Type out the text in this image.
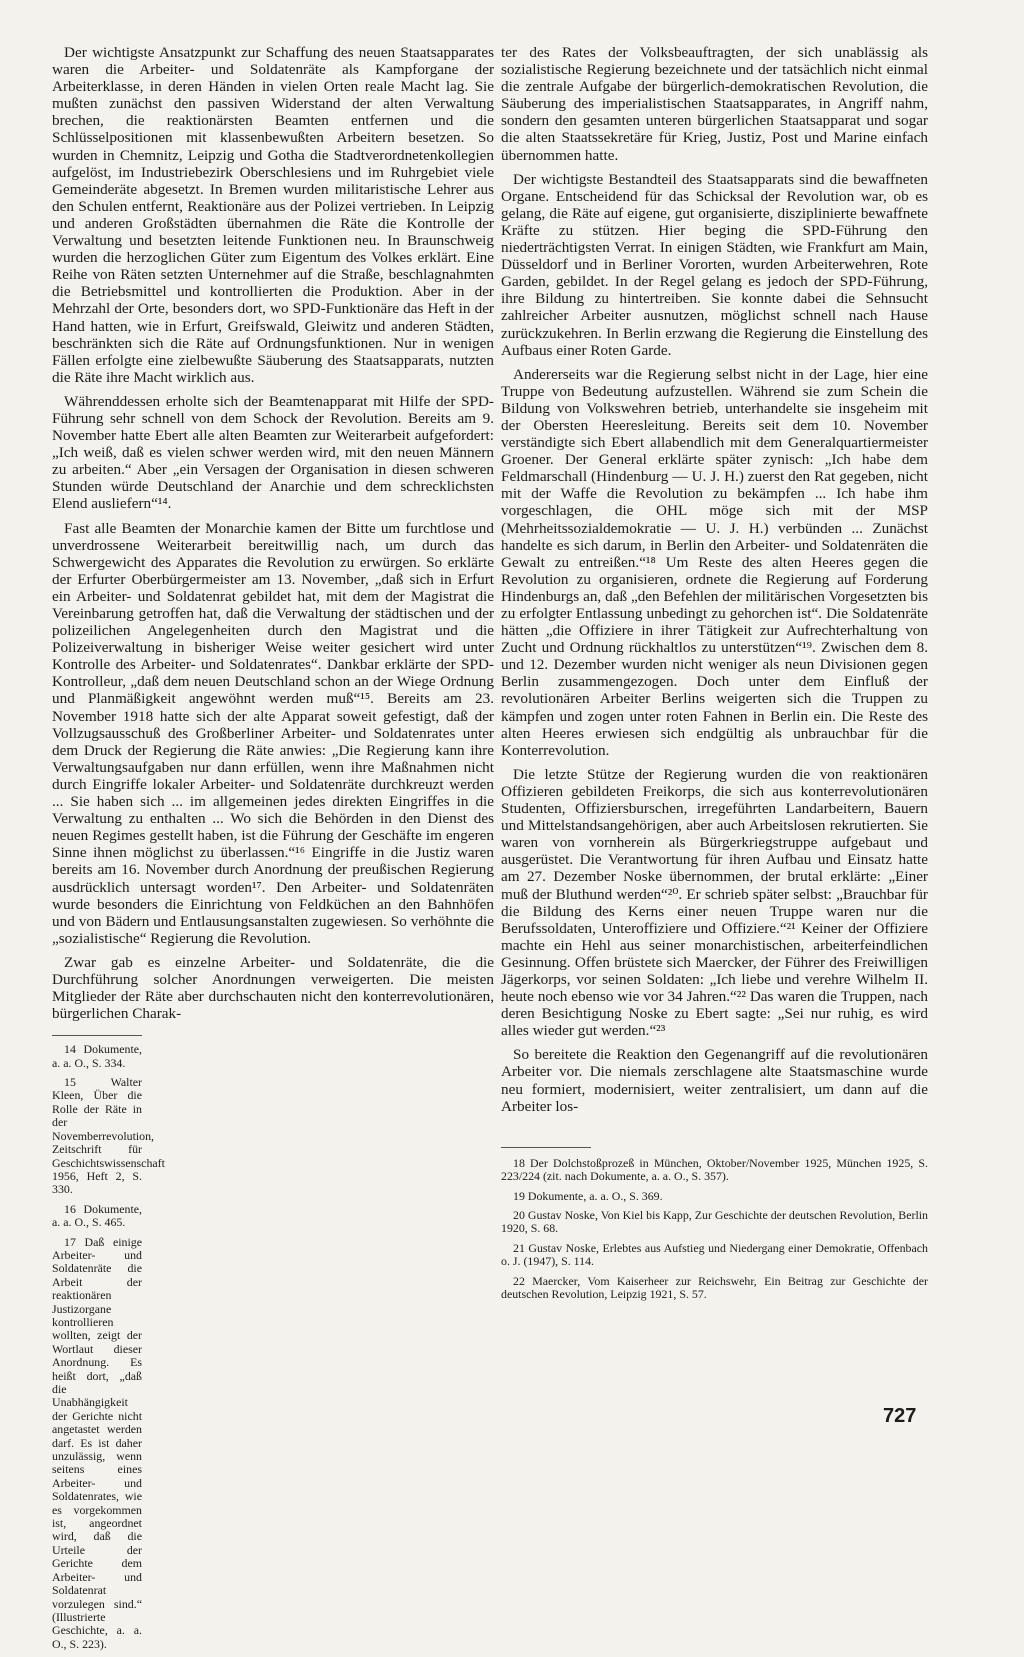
Der wichtigste Ansatzpunkt zur Schaffung des neuen Staatsapparates waren die Arbeiter- und Soldatenräte als Kampforgane der Arbeiterklasse, in deren Händen in vielen Orten reale Macht lag. Sie mußten zunächst den passiven Widerstand der alten Verwaltung brechen, die reaktionärsten Beamten entfernen und die Schlüsselpositionen mit klassenbewußten Arbeitern besetzen. So wurden in Chemnitz, Leipzig und Gotha die Stadtverordnetenkollegien aufgelöst, im Industriebezirk Oberschlesiens und im Ruhrgebiet viele Gemeinderäte abgesetzt. In Bremen wurden militaristische Lehrer aus den Schulen entfernt, Reaktionäre aus der Polizei vertrieben. In Leipzig und anderen Großstädten übernahmen die Räte die Kontrolle der Verwaltung und besetzten leitende Funktionen neu. In Braunschweig wurden die herzoglichen Güter zum Eigentum des Volkes erklärt. Eine Reihe von Räten setzten Unternehmer auf die Straße, beschlagnahmten die Betriebsmittel und kontrollierten die Produktion. Aber in der Mehrzahl der Orte, besonders dort, wo SPD-Funktionäre das Heft in der Hand hatten, wie in Erfurt, Greifswald, Gleiwitz und anderen Städten, beschränkten sich die Räte auf Ordnungsfunktionen. Nur in wenigen Fällen erfolgte eine zielbewußte Säuberung des Staatsapparats, nutzten die Räte ihre Macht wirklich aus.

Währenddessen erholte sich der Beamtenapparat mit Hilfe der SPD-Führung sehr schnell von dem Schock der Revolution. Bereits am 9. November hatte Ebert alle alten Beamten zur Weiterarbeit aufgefordert: „Ich weiß, daß es vielen schwer werden wird, mit den neuen Männern zu arbeiten.“ Aber „ein Versagen der Organisation in diesen schweren Stunden würde Deutschland der Anarchie und dem schrecklichsten Elend ausliefern“¹⁴.

Fast alle Beamten der Monarchie kamen der Bitte um furchtlose und unverdrossene Weiterarbeit bereitwillig nach, um durch das Schwergewicht des Apparates die Revolution zu erwürgen. So erklärte der Erfurter Oberbürgermeister am 13. November, „daß sich in Erfurt ein Arbeiter- und Soldatenrat gebildet hat, mit dem der Magistrat die Vereinbarung getroffen hat, daß die Verwaltung der städtischen und der polizeilichen Angelegenheiten durch den Magistrat und die Polizeiverwaltung in bisheriger Weise weiter gesichert wird unter Kontrolle des Arbeiter- und Soldatenrates“. Dankbar erklärte der SPD-Kontrolleur, „daß dem neuen Deutschland schon an der Wiege Ordnung und Planmäßigkeit angewöhnt werden muß“¹⁵. Bereits am 23. November 1918 hatte sich der alte Apparat soweit gefestigt, daß der Vollzugsausschuß des Großberliner Arbeiter- und Soldatenrates unter dem Druck der Regierung die Räte anwies: „Die Regierung kann ihre Verwaltungsaufgaben nur dann erfüllen, wenn ihre Maßnahmen nicht durch Eingriffe lokaler Arbeiter- und Soldatenräte durchkreuzt werden ... Sie haben sich ... im allgemeinen jedes direkten Eingriffes in die Verwaltung zu enthalten ... Wo sich die Behörden in den Dienst des neuen Regimes gestellt haben, ist die Führung der Geschäfte im engeren Sinne ihnen möglichst zu überlassen.“¹⁶ Eingriffe in die Justiz waren bereits am 16. November durch Anordnung der preußischen Regierung ausdrücklich untersagt worden¹⁷. Den Arbeiter- und Soldatenräten wurde besonders die Einrichtung von Feldküchen an den Bahnhöfen und von Bädern und Entlausungsanstalten zugewiesen. So verhöhnte die „sozialistische“ Regierung die Revolution.

Zwar gab es einzelne Arbeiter- und Soldatenräte, die die Durchführung solcher Anordnungen verweigerten. Die meisten Mitglieder der Räte aber durchschauten nicht den konterrevolutionären, bürgerlichen Charak-

14 Dokumente, a. a. O., S. 334.

15 Walter Kleen, Über die Rolle der Räte in der Novemberrevolution, Zeitschrift für Geschichtswissenschaft 1956, Heft 2, S. 330.

16 Dokumente, a. a. O., S. 465.

17 Daß einige Arbeiter- und Soldatenräte die Arbeit der reaktionären Justizorgane kontrollieren wollten, zeigt der Wortlaut dieser Anordnung. Es heißt dort, „daß die Unabhängigkeit der Gerichte nicht angetastet werden darf. Es ist daher unzulässig, wenn seitens eines Arbeiter- und Soldatenrates, wie es vorgekommen ist, angeordnet wird, daß die Urteile der Gerichte dem Arbeiter- und Soldatenrat vorzulegen sind.“ (Illustrierte Geschichte, a. a. O., S. 223).

ter des Rates der Volksbeauftragten, der sich unablässig als sozialistische Regierung bezeichnete und der tatsächlich nicht einmal die zentrale Aufgabe der bürgerlich-demokratischen Revolution, die Säuberung des imperialistischen Staatsapparates, in Angriff nahm, sondern den gesamten unteren bürgerlichen Staatsapparat und sogar die alten Staatssekretäre für Krieg, Justiz, Post und Marine einfach übernommen hatte.

Der wichtigste Bestandteil des Staatsapparats sind die bewaffneten Organe. Entscheidend für das Schicksal der Revolution war, ob es gelang, die Räte auf eigene, gut organisierte, disziplinierte bewaffnete Kräfte zu stützen. Hier beging die SPD-Führung den niederträchtigsten Verrat. In einigen Städten, wie Frankfurt am Main, Düsseldorf und in Berliner Vororten, wurden Arbeiterwehren, Rote Garden, gebildet. In der Regel gelang es jedoch der SPD-Führung, ihre Bildung zu hintertreiben. Sie konnte dabei die Sehnsucht zahlreicher Arbeiter ausnutzen, möglichst schnell nach Hause zurückzukehren. In Berlin erzwang die Regierung die Einstellung des Aufbaus einer Roten Garde.

Andererseits war die Regierung selbst nicht in der Lage, hier eine Truppe von Bedeutung aufzustellen. Während sie zum Schein die Bildung von Volkswehren betrieb, unterhandelte sie insgeheim mit der Obersten Heeresleitung. Bereits seit dem 10. November verständigte sich Ebert allabendlich mit dem Generalquartiermeister Groener. Der General erklärte später zynisch: „Ich habe dem Feldmarschall (Hindenburg — U. J. H.) zuerst den Rat gegeben, nicht mit der Waffe die Revolution zu bekämpfen ... Ich habe ihm vorgeschlagen, die OHL möge sich mit der MSP (Mehrheitssozialdemokratie — U. J. H.) verbünden ... Zunächst handelte es sich darum, in Berlin den Arbeiter- und Soldatenräten die Gewalt zu entreißen.“¹⁸ Um Reste des alten Heeres gegen die Revolution zu organisieren, ordnete die Regierung auf Forderung Hindenburgs an, daß „den Befehlen der militärischen Vorgesetzten bis zu erfolgter Entlassung unbedingt zu gehorchen ist“. Die Soldatenräte hätten „die Offiziere in ihrer Tätigkeit zur Aufrechterhaltung von Zucht und Ordnung rückhaltlos zu unterstützen“¹⁹. Zwischen dem 8. und 12. Dezember wurden nicht weniger als neun Divisionen gegen Berlin zusammengezogen. Doch unter dem Einfluß der revolutionären Arbeiter Berlins weigerten sich die Truppen zu kämpfen und zogen unter roten Fahnen in Berlin ein. Die Reste des alten Heeres erwiesen sich endgültig als unbrauchbar für die Konterrevolution.

Die letzte Stütze der Regierung wurden die von reaktionären Offizieren gebildeten Freikorps, die sich aus konterrevolutionären Studenten, Offiziersburschen, irregeführten Landarbeitern, Bauern und Mittelstandsangehörigen, aber auch Arbeitslosen rekrutierten. Sie waren von vornherein als Bürgerkriegstruppe aufgebaut und ausgerüstet. Die Verantwortung für ihren Aufbau und Einsatz hatte am 27. Dezember Noske übernommen, der brutal erklärte: „Einer muß der Bluthund werden“²⁰. Er schrieb später selbst: „Brauchbar für die Bildung des Kerns einer neuen Truppe waren nur die Berufssoldaten, Unteroffiziere und Offiziere.“²¹ Keiner der Offiziere machte ein Hehl aus seiner monarchistischen, arbeiterfeindlichen Gesinnung. Offen brüstete sich Maercker, der Führer des Freiwilligen Jägerkorps, vor seinen Soldaten: „Ich liebe und verehre Wilhelm II. heute noch ebenso wie vor 34 Jahren.“²² Das waren die Truppen, nach deren Besichtigung Noske zu Ebert sagte: „Sei nur ruhig, es wird alles wieder gut werden.“²³

So bereitete die Reaktion den Gegenangriff auf die revolutionären Arbeiter vor. Die niemals zerschlagene alte Staatsmaschine wurde neu formiert, modernisiert, weiter zentralisiert, um dann auf die Arbeiter los-

18 Der Dolchstoßprozeß in München, Oktober/November 1925, München 1925, S. 223/224 (zit. nach Dokumente, a. a. O., S. 357).

19 Dokumente, a. a. O., S. 369.

20 Gustav Noske, Von Kiel bis Kapp, Zur Geschichte der deutschen Revolution, Berlin 1920, S. 68.

21 Gustav Noske, Erlebtes aus Aufstieg und Niedergang einer Demokratie, Offenbach o. J. (1947), S. 114.

22 Maercker, Vom Kaiserheer zur Reichswehr, Ein Beitrag zur Geschichte der deutschen Revolution, Leipzig 1921, S. 57.

727
